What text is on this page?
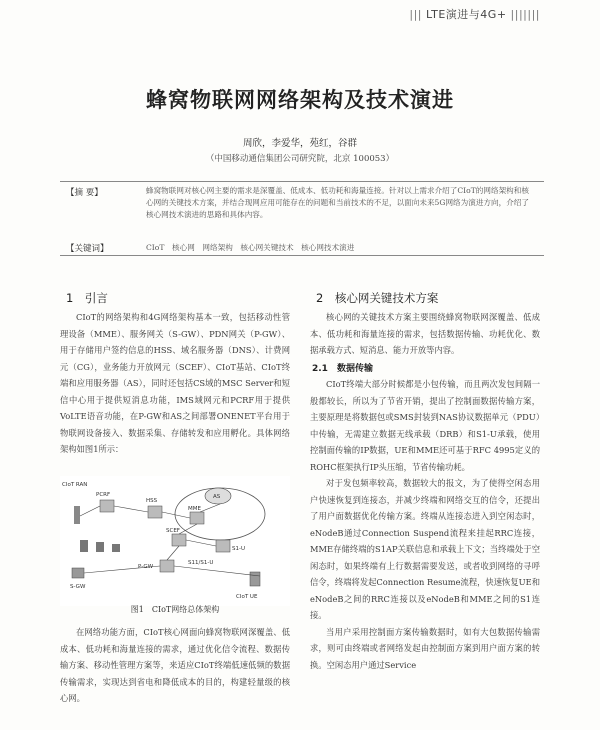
||| LTE演进与4G+ |||||||
蜂窝物联网网络架构及技术演进
周欣，李爱华，苑红，谷群
（中国移动通信集团公司研究院，北京 100053）
【摘 要】	蜂窝物联网对核心网主要的需求是深覆盖、低成本、低功耗和海量连接。针对以上需求介绍了CIoT的网络架构和核心网的关键技术方案，并结合现网应用可能存在的问题和当前技术的不足，以面向未来5G网络为演进方向，介绍了核心网技术演进的思路和具体内容。
【关键词】	CIoT　核心网　网络架构　核心网关键技术　核心网技术演进
1　引言

CIoT的网络架构和4G网络架构基本一致，包括移动性管理设备（MME）、服务网关（S-GW）、PDN网关（P-GW）、用于存储用户签约信息的HSS、域名服务器（DNS）、计费网元（CG），业务能力开放网元（SCEF）、CIoT基站、CIoT终端和应用服务器（AS），同时还包括CS域的MSC Server和短信中心用于提供短消息功能，IMS域网元和PCRF用于提供VoLTE语音功能，在P-GW和AS之间部署ONENET平台用于物联网设备接入、数据采集、存储转发和应用孵化。具体网络架构如图1所示：

CIoT RAN
PCRF
HSS
AS
MME
SCEF
S1-U
P-GW
S11/S1-U
S-GW
CIoT UE
图1　CIoT网络总体架构

在网络功能方面，CIoT核心网面向蜂窝物联网深覆盖、低成本、低功耗和海量连接的需求，通过优化信令流程、数据传输方案、移动性管理方案等，来适应CIoT终端低速低频的数据传输需求，实现达到省电和降低成本的目的，构建轻量级的核心网。

2　核心网关键技术方案

核心网的关键技术方案主要围绕蜂窝物联网深覆盖、低成本、低功耗和海量连接的需求，包括数据传输、功耗优化、数据承载方式、短消息、能力开放等内容。

2.1　数据传输

CIoT终端大部分时候都是小包传输，而且两次发包间隔一般都较长，所以为了节省开销，提出了控制面数据传输方案，主要原理是将数据包或SMS封装到NAS协议数据单元（PDU）中传输，无需建立数据无线承载（DRB）和S1-U承载，使用控制面传输的IP数据，UE和MME还可基于RFC 4995定义的ROHC框架执行IP头压缩，节省传输功耗。

对于发包频率较高，数据较大的报文，为了使得空闲态用户快速恢复到连接态，并减少终端和网络交互的信令，还提出了用户面数据优化传输方案。终端从连接态进入到空闲态时，eNodeB通过Connection Suspend流程来挂起RRC连接，MME存储终端的S1AP关联信息和承载上下文；当终端处于空闲态时，如果终端有上行数据需要发送，或者收到网络的寻呼信令，终端将发起Connection Resume流程，快速恢复UE和eNodeB之间的RRC连接以及eNodeB和MME之间的S1连接。

当用户采用控制面方案传输数据时，如有大包数据传输需求，则可由终端或者网络发起由控制面方案到用户面方案的转换。空闲态用户通过Service
